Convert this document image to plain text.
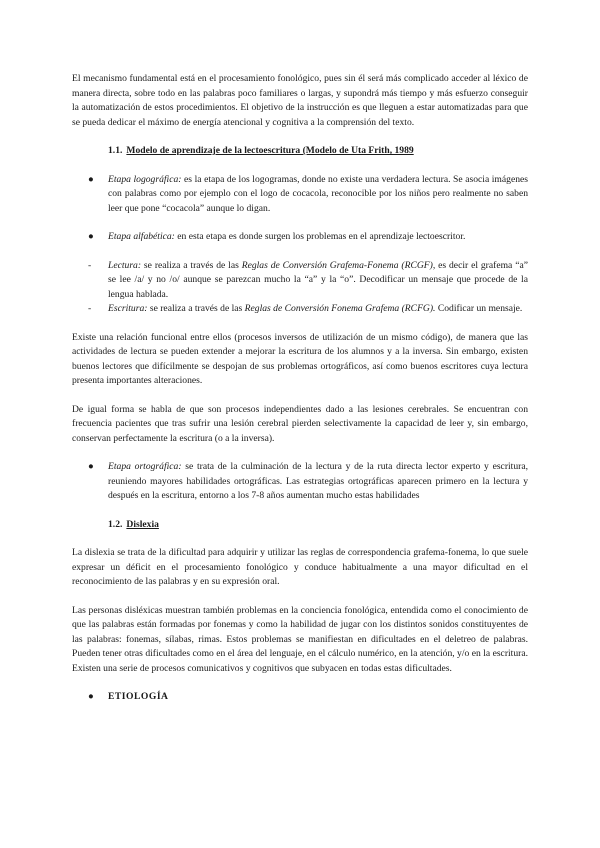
El mecanismo fundamental está en el procesamiento fonológico, pues sin él será más complicado acceder al léxico de manera directa, sobre todo en las palabras poco familiares o largas, y supondrá más tiempo y más esfuerzo conseguir la automatización de estos procedimientos. El objetivo de la instrucción es que lleguen a estar automatizadas para que se pueda dedicar el máximo de energía atencional y cognitiva a la comprensión del texto.

1.1. Modelo de aprendizaje de la lectoescritura (Modelo de Uta Frith, 1989
● Etapa logográfica: es la etapa de los logogramas, donde no existe una verdadera lectura. Se asocia imágenes con palabras como por ejemplo con el logo de cocacola, reconocible por los niños pero realmente no saben leer que pone “cocacola” aunque lo digan.
● Etapa alfabética: en esta etapa es donde surgen los problemas en el aprendizaje lectoescritor.
- Lectura: se realiza a través de las Reglas de Conversión Grafema-Fonema (RCGF), es decir el grafema “a” se lee /a/ y no /o/ aunque se parezcan mucho la “a” y la “o”. Decodificar un mensaje que procede de la lengua hablada.
- Escritura: se realiza a través de las Reglas de Conversión Fonema Grafema (RCFG). Codificar un mensaje.

Existe una relación funcional entre ellos (procesos inversos de utilización de un mismo código), de manera que las actividades de lectura se pueden extender a mejorar la escritura de los alumnos y a la inversa. Sin embargo, existen buenos lectores que difícilmente se despojan de sus problemas ortográficos, así como buenos escritores cuya lectura presenta importantes alteraciones.

De igual forma se habla de que son procesos independientes dado a las lesiones cerebrales. Se encuentran con frecuencia pacientes que tras sufrir una lesión cerebral pierden selectivamente la capacidad de leer y, sin embargo, conservan perfectamente la escritura (o a la inversa).

● Etapa ortográfica: se trata de la culminación de la lectura y de la ruta directa lector experto y escritura, reuniendo mayores habilidades ortográficas. Las estrategias ortográficas aparecen primero en la lectura y después en la escritura, entorno a los 7-8 años aumentan mucho estas habilidades
1.2. Dislexia

La dislexia se trata de la dificultad para adquirir y utilizar las reglas de correspondencia grafema-fonema, lo que suele expresar un déficit en el procesamiento fonológico y conduce habitualmente a una mayor dificultad en el reconocimiento de las palabras y en su expresión oral.

Las personas disléxicas muestran también problemas en la conciencia fonológica, entendida como el conocimiento de que las palabras están formadas por fonemas y como la habilidad de jugar con los distintos sonidos constituyentes de las palabras: fonemas, sílabas, rimas. Estos problemas se manifiestan en dificultades en el deletreo de palabras. Pueden tener otras dificultades como en el área del lenguaje, en el cálculo numérico, en la atención, y/o en la escritura. Existen una serie de procesos comunicativos y cognitivos que subyacen en todas estas dificultades.

● ETIOLOGÍA
